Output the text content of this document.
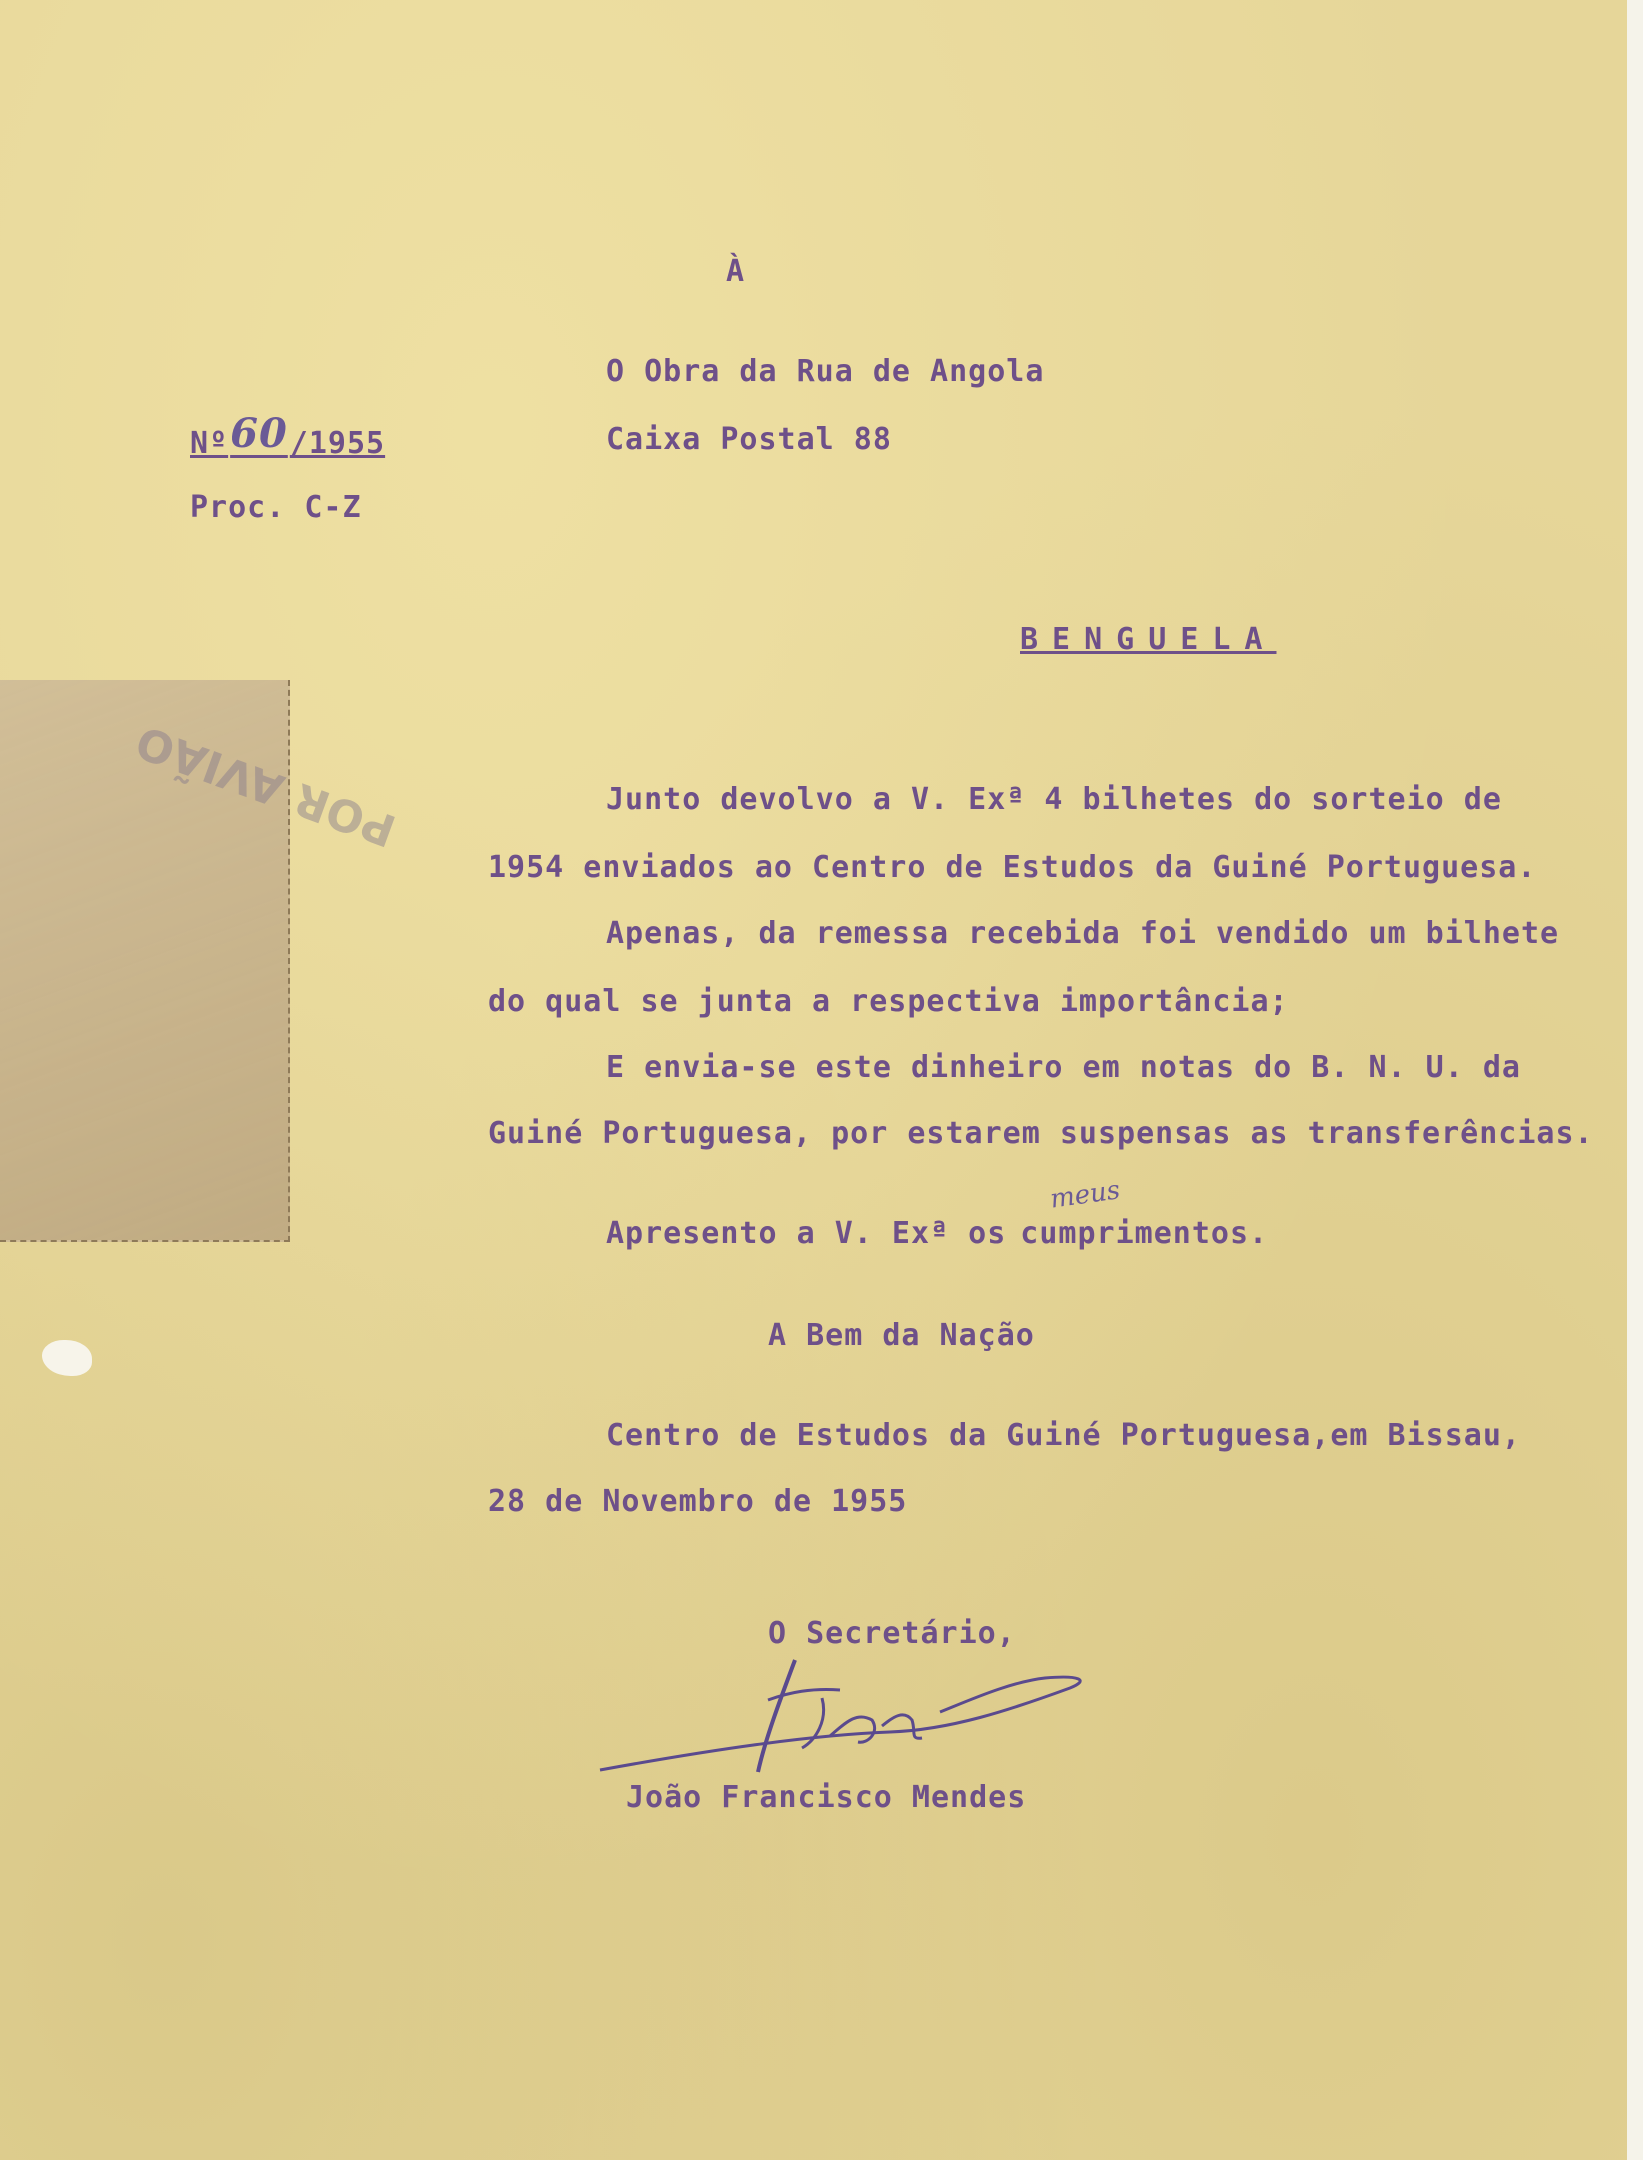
POR AVIÃO
À
O Obra da Rua de Angola
Caixa Postal 88
Nº60/1955
Proc. C-Z
BENGUELA
Junto devolvo a V. Exª 4 bilhetes do sorteio de
1954 enviados ao Centro de Estudos da Guiné Portuguesa.
Apenas, da remessa recebida foi vendido um bilhete
do qual se junta a respectiva importância;
E envia-se este dinheiro em notas do B. N. U. da
Guiné Portuguesa, por estarem suspensas as transferências.
Apresento a V. Exª os cumprimentos.
meus
A Bem da Nação
Centro de Estudos da Guiné Portuguesa,em Bissau,
28 de Novembro de 1955
O Secretário,
João Francisco Mendes
